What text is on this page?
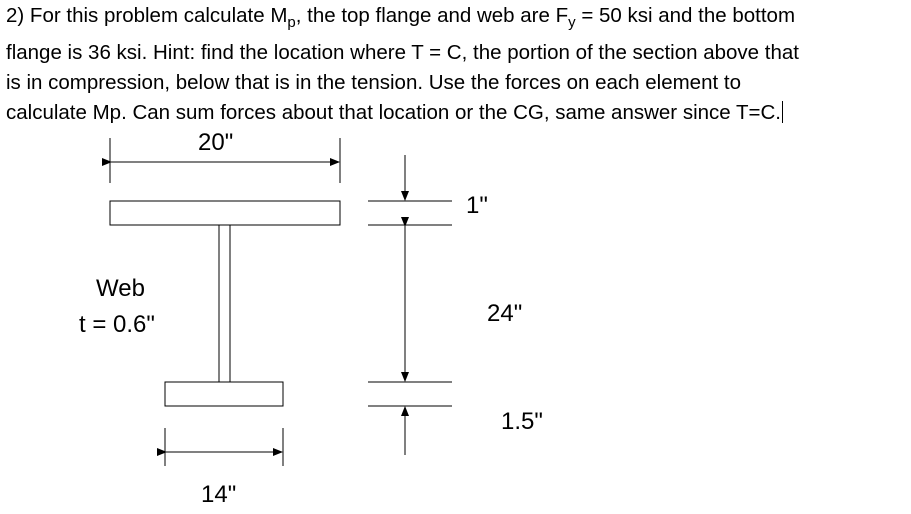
2) For this problem calculate $M_p$, the top flange and web are $F_y = 50$ ksi and the bottom
flange is 36 ksi. Hint: find the location where T = C, the portion of the section above that
is in compression, below that is in the tension. Use the forces on each element to
calculate Mp. Can sum forces about that location or the CG, same answer since T=C.
20"
1"
Web
t = 0.6"	24"
1.5"
14"
